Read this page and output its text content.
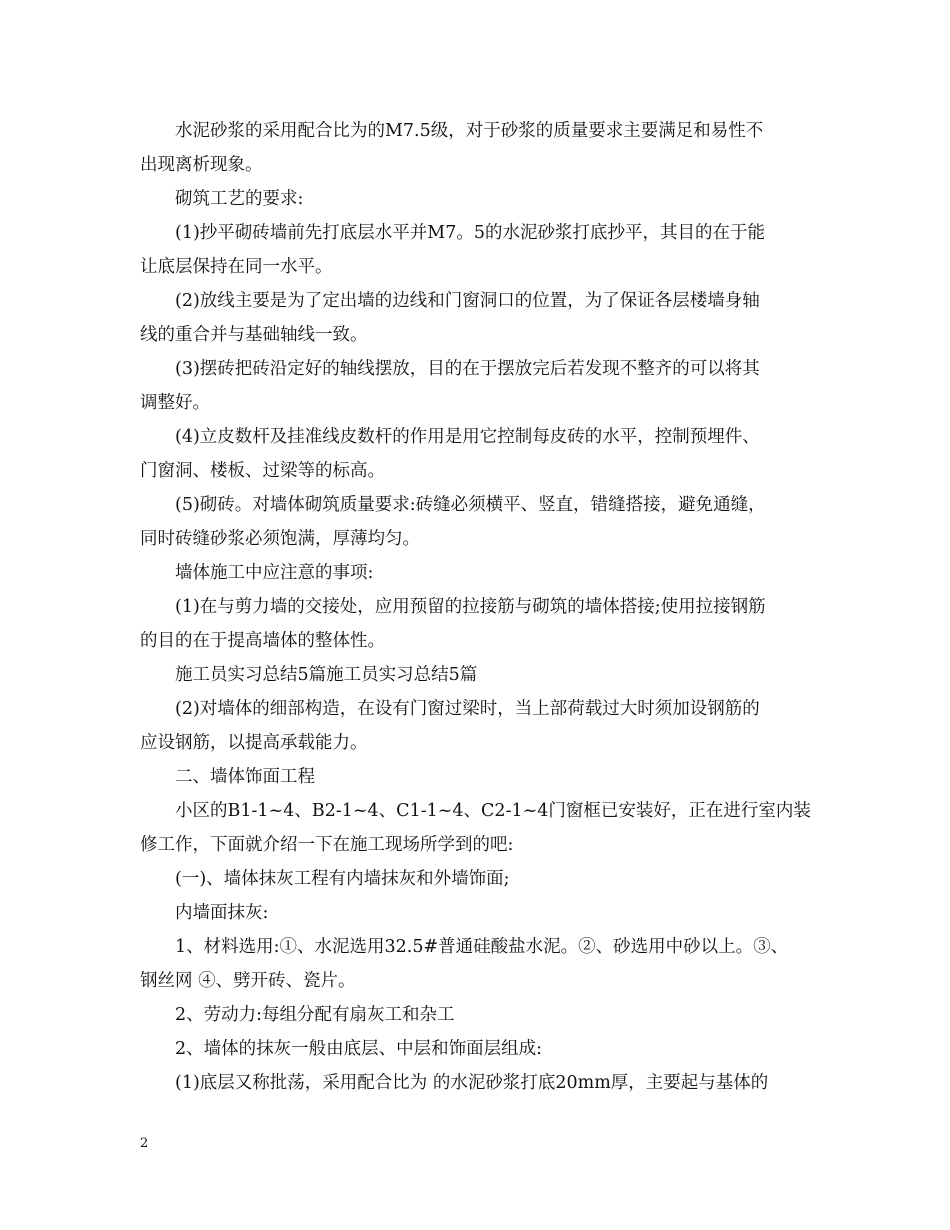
水泥砂浆的采用配合比为的M7.5级，对于砂浆的质量要求主要满足和易性不
出现离析现象。
砌筑工艺的要求:
(1)抄平砌砖墙前先打底层水平并M7。5的水泥砂浆打底抄平，其目的在于能
让底层保持在同一水平。
(2)放线主要是为了定出墙的边线和门窗洞口的位置，为了保证各层楼墙身轴
线的重合并与基础轴线一致。
(3)摆砖把砖沿定好的轴线摆放，目的在于摆放完后若发现不整齐的可以将其
调整好。
(4)立皮数杆及挂准线皮数杆的作用是用它控制每皮砖的水平，控制预埋件、
门窗洞、楼板、过梁等的标高。
(5)砌砖。对墙体砌筑质量要求:砖缝必须横平、竖直，错缝搭接，避免通缝，
同时砖缝砂浆必须饱满，厚薄均匀。
墙体施工中应注意的事项:
(1)在与剪力墙的交接处，应用预留的拉接筋与砌筑的墙体搭接;使用拉接钢筋
的目的在于提高墙体的整体性。
施工员实习总结5篇施工员实习总结5篇
(2)对墙体的细部构造，在设有门窗过梁时，当上部荷载过大时须加设钢筋的
应设钢筋，以提高承载能力。
二、墙体饰面工程
小区的B1-1~4、B2-1~4、C1-1~4、C2-1~4门窗框已安装好，正在进行室内装
修工作，下面就介绍一下在施工现场所学到的吧:
(一)、墙体抹灰工程有内墙抹灰和外墙饰面;
内墙面抹灰:
1、材料选用:①、水泥选用32.5#普通硅酸盐水泥。②、砂选用中砂以上。③、
钢丝网 ④、劈开砖、瓷片。
2、劳动力:每组分配有扇灰工和杂工
2、墙体的抹灰一般由底层、中层和饰面层组成:
(1)底层又称批荡，采用配合比为 的水泥砂浆打底20mm厚，主要起与基体的
2
